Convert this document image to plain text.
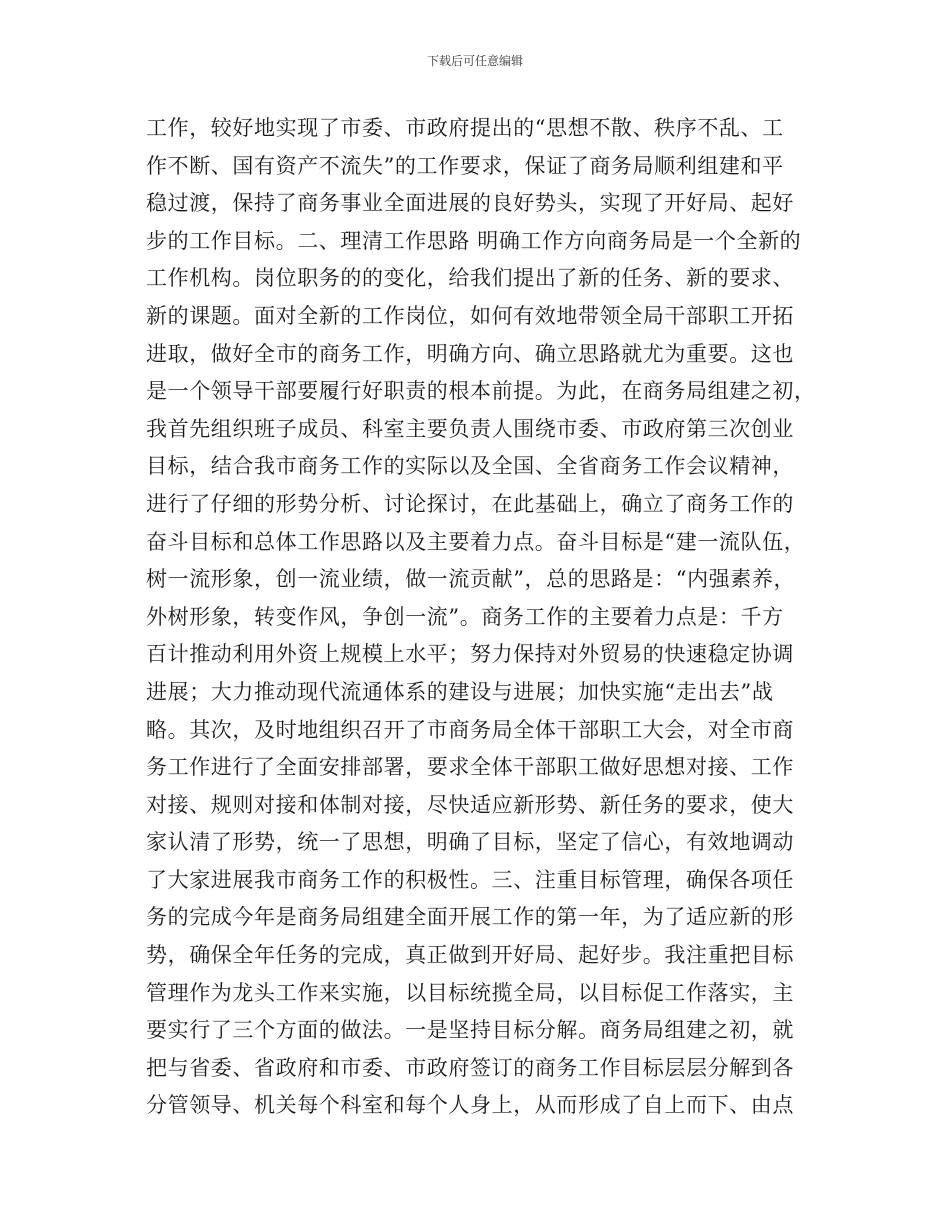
下载后可任意编辑
工作，较好地实现了市委、市政府提出的“思想不散、秩序不乱、工
作不断、国有资产不流失”的工作要求，保证了商务局顺利组建和平
稳过渡，保持了商务事业全面进展的良好势头，实现了开好局、起好
步的工作目标。二、理清工作思路 明确工作方向商务局是一个全新的
工作机构。岗位职务的的变化，给我们提出了新的任务、新的要求、
新的课题。面对全新的工作岗位，如何有效地带领全局干部职工开拓
进取，做好全市的商务工作，明确方向、确立思路就尤为重要。这也
是一个领导干部要履行好职责的根本前提。为此，在商务局组建之初，
我首先组织班子成员、科室主要负责人围绕市委、市政府第三次创业
目标，结合我市商务工作的实际以及全国、全省商务工作会议精神，
进行了仔细的形势分析、讨论探讨，在此基础上，确立了商务工作的
奋斗目标和总体工作思路以及主要着力点。奋斗目标是“建一流队伍，
树一流形象，创一流业绩，做一流贡献”，总的思路是：“内强素养，
外树形象，转变作风，争创一流”。商务工作的主要着力点是：千方
百计推动利用外资上规模上水平；努力保持对外贸易的快速稳定协调
进展；大力推动现代流通体系的建设与进展；加快实施“走出去”战
略。其次，及时地组织召开了市商务局全体干部职工大会，对全市商
务工作进行了全面安排部署，要求全体干部职工做好思想对接、工作
对接、规则对接和体制对接，尽快适应新形势、新任务的要求，使大
家认清了形势，统一了思想，明确了目标，坚定了信心，有效地调动
了大家进展我市商务工作的积极性。三、注重目标管理，确保各项任
务的完成今年是商务局组建全面开展工作的第一年，为了适应新的形
势，确保全年任务的完成，真正做到开好局、起好步。我注重把目标
管理作为龙头工作来实施，以目标统揽全局，以目标促工作落实，主
要实行了三个方面的做法。一是坚持目标分解。商务局组建之初，就
把与省委、省政府和市委、市政府签订的商务工作目标层层分解到各
分管领导、机关每个科室和每个人身上，从而形成了自上而下、由点
